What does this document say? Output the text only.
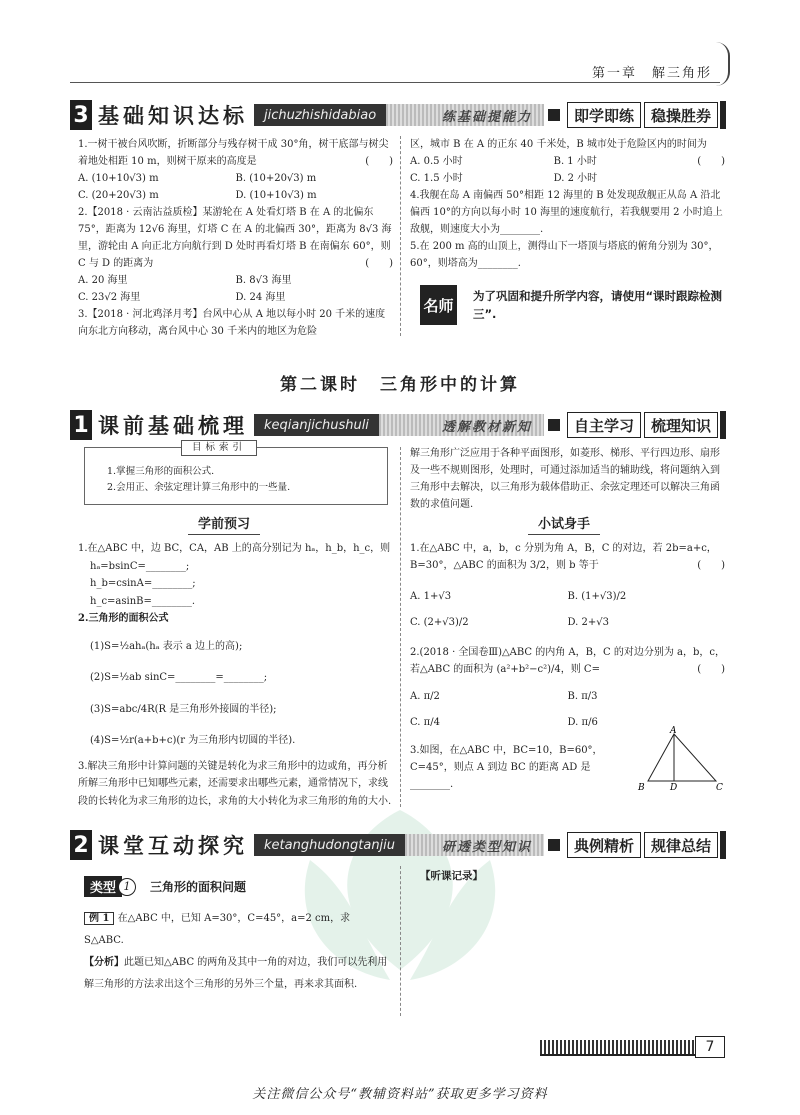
第一章　解三角形
3 基础知识达标	jichuzhishidabiao	练基础提能力	即学即练	稳操胜券

1.一树干被台风吹断，折断部分与残存树干成 30°角，树干底部与树尖着地处相距 10 m，则树干原来的高度是	(　　)

A. (10+10√3) m	B. (10+20√3) m
C. (20+20√3) m	D. (10+10√3) m

2.【2018 · 云南沾益质检】某游轮在 A 处看灯塔 B 在 A 的北偏东 75°，距离为 12√6 海里，灯塔 C 在 A 的北偏西 30°，距离为 8√3 海里，游轮由 A 向正北方向航行到 D 处时再看灯塔 B 在南偏东 60°，则 C 与 D 的距离为	(　　)

A. 20 海里	B. 8√3 海里
C. 23√2 海里	D. 24 海里

3.【2018 · 河北鸡泽月考】台风中心从 A 地以每小时 20 千米的速度向东北方向移动，离台风中心 30 千米内的地区为危险

区，城市 B 在 A 的正东 40 千米处，B 城市处于危险区内的时间为
(　　)

A. 0.5 小时	B. 1 小时
C. 1.5 小时	D. 2 小时

4.我舰在岛 A 南偏西 50°相距 12 海里的 B 处发现敌舰正从岛 A 沿北偏西 10°的方向以每小时 10 海里的速度航行，若我舰要用 2 小时追上敌舰，则速度大小为________.

5.在 200 m 高的山顶上，测得山下一塔顶与塔底的俯角分别为 30°，60°，则塔高为________.

名师
为了巩固和提升所学内容，请使用“课时跟踪检测三”.
第二课时　三角形中的计算
1 课前基础梳理	keqianjichushuli	透解教材新知	自主学习	梳理知识
目标索引
1.掌握三角形的面积公式.
2.会用正、余弦定理计算三角形中的一些量.
学前预习

1.在△ABC 中，边 BC，CA，AB 上的高分别记为 hₐ，h_b，h_c，则

hₐ=bsinC=________;

h_b=csinA=________;

h_c=asinB=________.

2.三角形的面积公式

(1)S=½ahₐ(hₐ 表示 a 边上的高);

(2)S=½ab sinC=________=________;

(3)S=abc/4R(R 是三角形外接圆的半径);

(4)S=½r(a+b+c)(r 为三角形内切圆的半径).

3.解决三角形中计算问题的关键是转化为求三角形中的边或角，再分析所解三角形中已知哪些元素，还需要求出哪些元素，通常情况下，求线段的长转化为求三角形的边长，求角的大小转化为求三角形的角的大小.

解三角形广泛应用于各种平面图形，如菱形、梯形、平行四边形、扇形及一些不规则图形，处理时，可通过添加适当的辅助线，将问题纳入到三角形中去解决，以三角形为载体借助正、余弦定理还可以解决三角函数的求值问题.

小试身手

1.在△ABC 中，a，b，c 分别为角 A，B，C 的对边，若 2b=a+c，B=30°，△ABC 的面积为 3/2，则 b 等于	(　　)

A. 1+√3	B. (1+√3)/2
C. (2+√3)/2	D. 2+√3

2.(2018 · 全国卷Ⅲ)△ABC 的内角 A，B，C 的对边分别为 a，b，c，若△ABC 的面积为 (a²+b²−c²)/4，则 C=	(　　)

A. π/2	B. π/3
C. π/4	D. π/6

3.如图，在△ABC 中，BC=10，B=60°，C=45°，则点 A 到边 BC 的距离 AD 是________.

A
B	D	C
2 课堂互动探究	ketanghudongtanjiu	研透类型知识	典例精析	规律总结
类型 1	三角形的面积问题
【听课记录】

例 1 在△ABC 中，已知 A=30°，C=45°，a=2 cm，求 S△ABC.

【分析】此题已知△ABC 的两角及其中一角的对边，我们可以先利用解三角形的方法求出这个三角形的另外三个量，再来求其面积.

7
关注微信公众号“教辅资料站”获取更多学习资料
